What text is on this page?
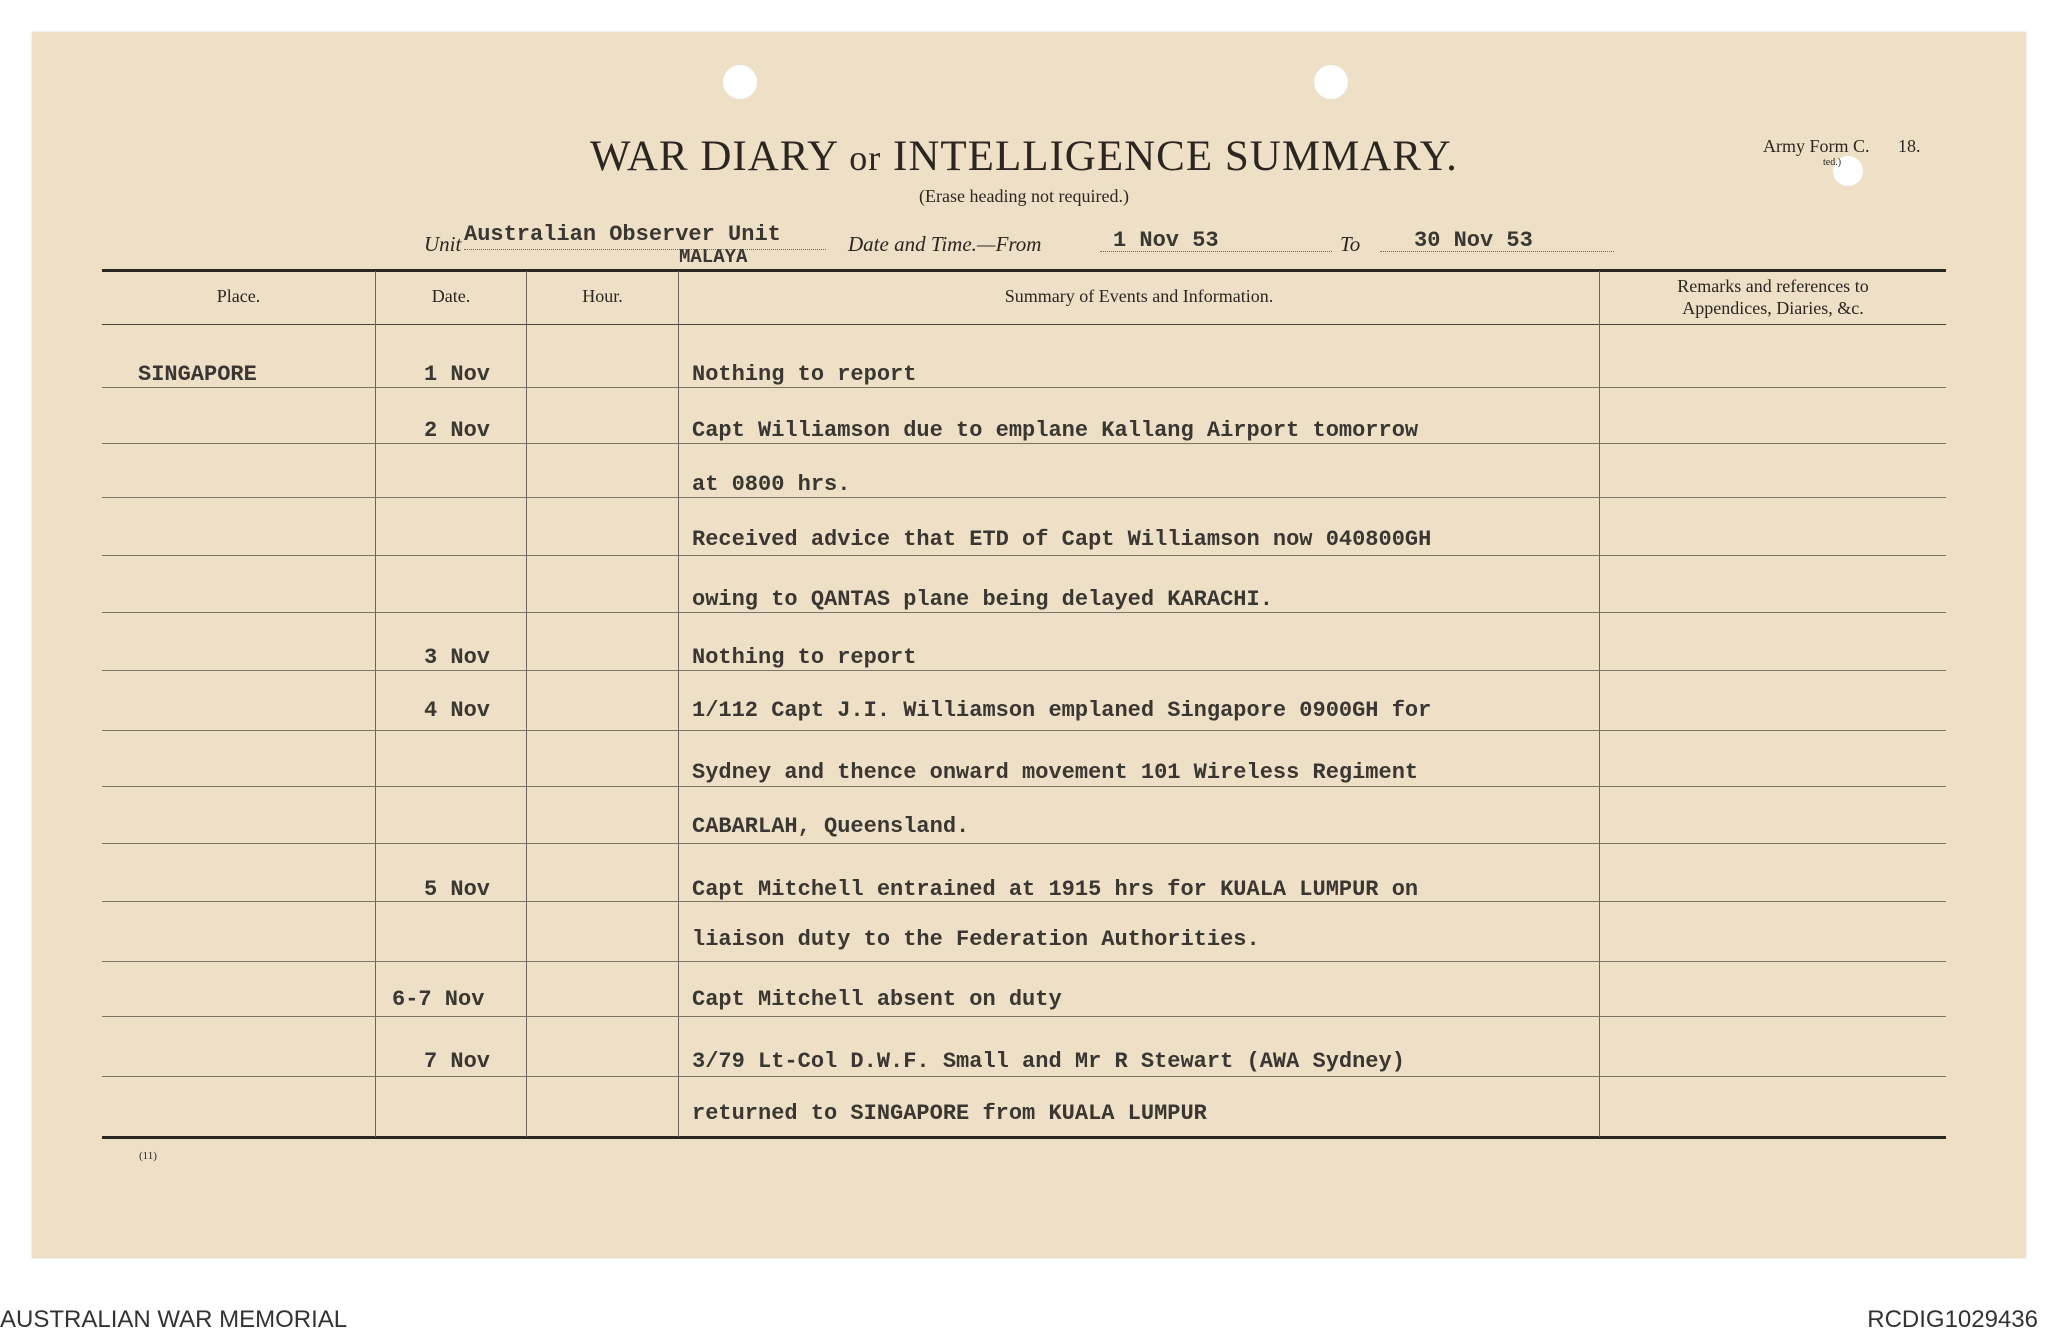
WAR DIARY or INTELLIGENCE SUMMARY.
(Erase heading not required.)
Army Form C. 18.
ted.)
Unit Australian Observer Unit
MALAYA
Date and Time.—From	1 Nov 53	To 30 Nov 53
Place.	Date.	Hour.	Summary of Events and Information.	Remarks and references to
Appendices, Diaries, &c.
SINGAPORE	1 Nov	Nothing to report
2 Nov	Capt Williamson due to emplane Kallang Airport tomorrow
at 0800 hrs.
Received advice that ETD of Capt Williamson now 040800GH
owing to QANTAS plane being delayed KARACHI.
3 Nov	Nothing to report
4 Nov	1/112 Capt J.I. Williamson emplaned Singapore 0900GH for
Sydney and thence onward movement 101 Wireless Regiment
CABARLAH, Queensland.
5 Nov	Capt Mitchell entrained at 1915 hrs for KUALA LUMPUR on
liaison duty to the Federation Authorities.
6-7 Nov	Capt Mitchell absent on duty
7 Nov	3/79 Lt-Col D.W.F. Small and Mr R Stewart (AWA Sydney)
returned to SINGAPORE from KUALA LUMPUR
(11)
AUSTRALIAN WAR MEMORIAL	RCDIG1029436
